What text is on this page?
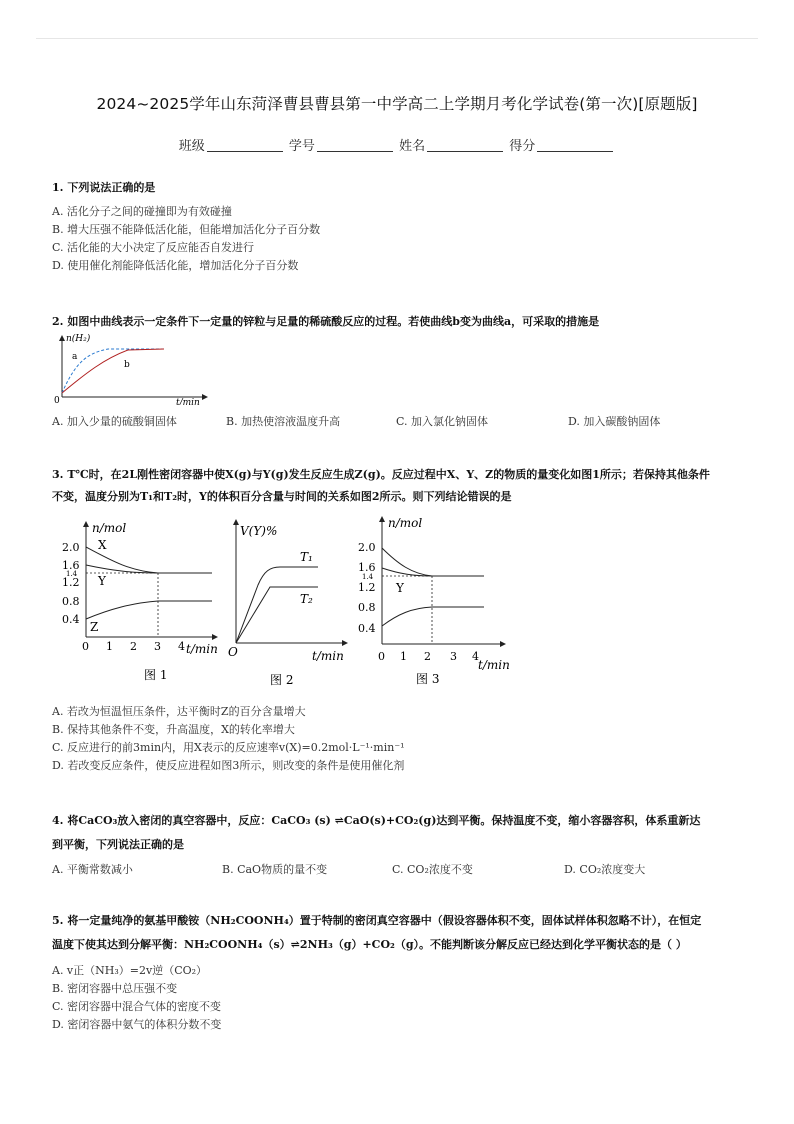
2024~2025学年山东菏泽曹县曹县第一中学高二上学期月考化学试卷(第一次)[原题版]
班级	学号	姓名	得分
1. 下列说法正确的是
A. 活化分子之间的碰撞即为有效碰撞
B. 增大压强不能降低活化能，但能增加活化分子百分数
C. 活化能的大小决定了反应能否自发进行
D. 使用催化剂能降低活化能，增加活化分子百分数
2. 如图中曲线表示一定条件下一定量的锌粒与足量的稀硫酸反应的过程。若使曲线b变为曲线a，可采取的措施是
n(H₂)
a
b
0	t/min
A. 加入少量的硫酸铜固体	B. 加热使溶液温度升高	C. 加入氯化钠固体	D. 加入碳酸钠固体
3. T℃时，在2L刚性密闭容器中使X(g)与Y(g)发生反应生成Z(g)。反应过程中X、Y、Z的物质的量变化如图1所示；若保持其他条件
不变，温度分别为T₁和T₂时，Y的体积百分含量与时间的关系如图2所示。则下列结论错误的是
n/mol
2.0
1.6
1.4
1.2
0.8
0.4
X
Y
Z
0 1 2 3 4 t/min
图 1
V(Y)%
T₁
T₂
O	t/min
图 2
n/mol
2.0
1.6
1.4
1.2
0.8
0.4
Y
0 1 2 3 4
t/min
图 3
A. 若改为恒温恒压条件，达平衡时Z的百分含量增大
B. 保持其他条件不变，升高温度，X的转化率增大
C. 反应进行的前3min内，用X表示的反应速率v(X)=0.2mol·L⁻¹·min⁻¹
D. 若改变反应条件，使反应进程如图3所示，则改变的条件是使用催化剂
4. 将CaCO₃放入密闭的真空容器中，反应：CaCO₃ (s) ⇌CaO(s)+CO₂(g)达到平衡。保持温度不变，缩小容器容积，体系重新达
到平衡，下列说法正确的是
A. 平衡常数减小	B. CaO物质的量不变	C. CO₂浓度不变	D. CO₂浓度变大
5. 将一定量纯净的氨基甲酸铵（NH₂COONH₄）置于特制的密闭真空容器中（假设容器体积不变，固体试样体积忽略不计），在恒定
温度下使其达到分解平衡：NH₂COONH₄（s）⇌2NH₃（g）+CO₂（g）。不能判断该分解反应已经达到化学平衡状态的是（ ）
A. v正（NH₃）=2v逆（CO₂）
B. 密闭容器中总压强不变
C. 密闭容器中混合气体的密度不变
D. 密闭容器中氨气的体积分数不变
